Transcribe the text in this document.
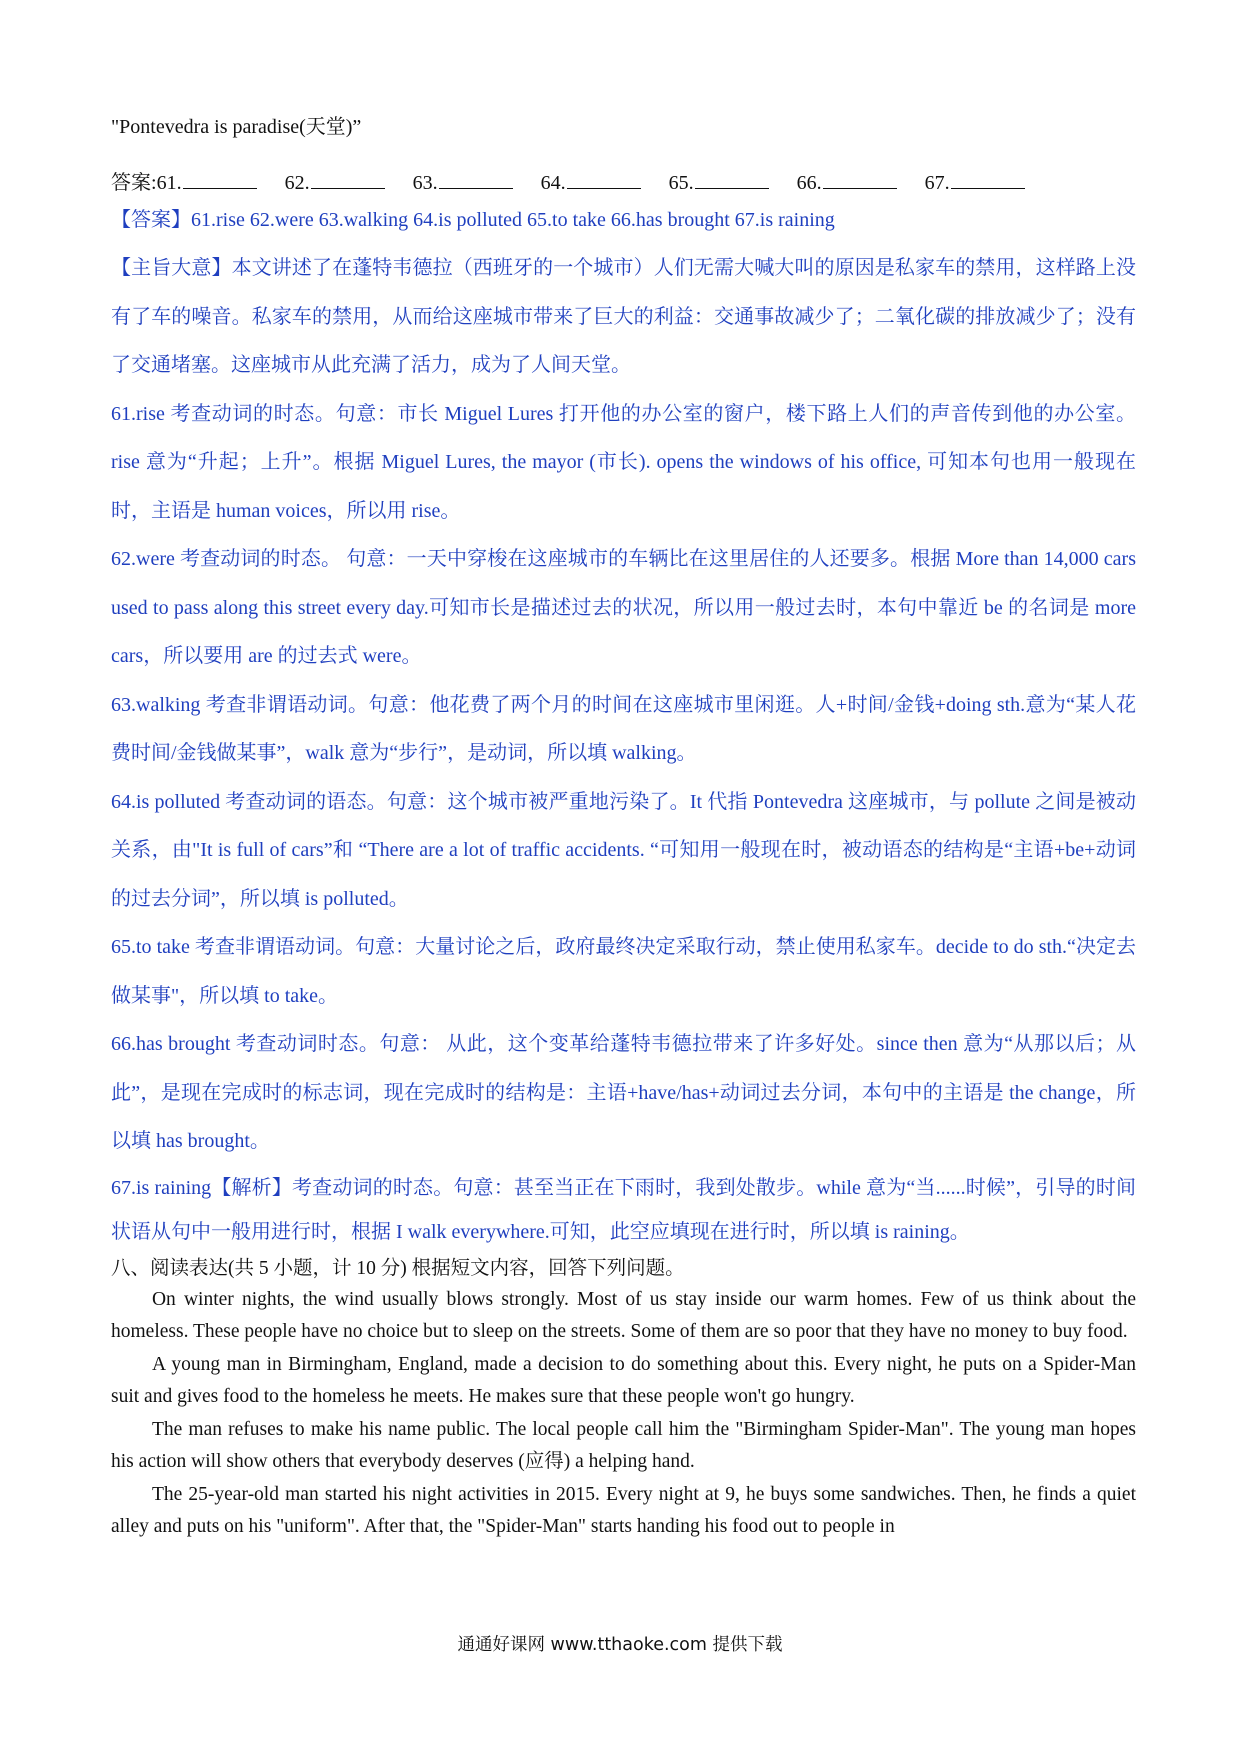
"Pontevedra is paradise(天堂)”

答案: 61.	62.	63.	64.	65.	66.	67.

【答案】61.rise 62.were 63.walking 64.is polluted 65.to take 66.has brought 67.is raining

【主旨大意】本文讲述了在蓬特韦德拉（西班牙的一个城市）人们无需大喊大叫的原因是私家车的禁用，这样路上没有了车的噪音。私家车的禁用，从而给这座城市带来了巨大的利益：交通事故减少了；二氧化碳的排放减少了；没有了交通堵塞。这座城市从此充满了活力，成为了人间天堂。

61.rise 考查动词的时态。句意：市长 Miguel Lures 打开他的办公室的窗户，楼下路上人们的声音传到他的办公室。rise 意为“升起；上升”。根据 Miguel Lures, the mayor (市长). opens the windows of his office, 可知本句也用一般现在时，主语是 human voices，所以用 rise。

62.were 考查动词的时态。 句意：一天中穿梭在这座城市的车辆比在这里居住的人还要多。根据 More than 14,000 cars used to pass along this street every day.可知市长是描述过去的状况，所以用一般过去时，本句中靠近 be 的名词是 more cars，所以要用 are 的过去式 were。

63.walking 考查非谓语动词。句意：他花费了两个月的时间在这座城市里闲逛。人+时间/金钱+doing sth.意为“某人花费时间/金钱做某事”，walk 意为“步行”，是动词，所以填 walking。

64.is polluted 考查动词的语态。句意：这个城市被严重地污染了。It 代指 Pontevedra 这座城市，与 pollute 之间是被动关系，由"It is full of cars”和 “There are a lot of traffic accidents. “可知用一般现在时，被动语态的结构是“主语+be+动词的过去分词”，所以填 is polluted。

65.to take 考查非谓语动词。句意：大量讨论之后，政府最终决定采取行动，禁止使用私家车。decide to do sth.“决定去做某事"，所以填 to take。

66.has brought 考查动词时态。句意： 从此，这个变革给蓬特韦德拉带来了许多好处。since then 意为“从那以后；从此”，是现在完成时的标志词，现在完成时的结构是：主语+have/has+动词过去分词，本句中的主语是 the change，所以填 has brought。

67.is raining【解析】考查动词的时态。句意：甚至当正在下雨时，我到处散步。while 意为“当......时候”，引导的时间状语从句中一般用进行时，根据 I walk everywhere.可知，此空应填现在进行时，所以填 is raining。

八、阅读表达(共 5 小题，计 10 分) 根据短文内容，回答下列问题。

On winter nights, the wind usually blows strongly. Most of us stay inside our warm homes. Few of us think about the homeless. These people have no choice but to sleep on the streets. Some of them are so poor that they have no money to buy food.

A young man in Birmingham, England, made a decision to do something about this. Every night, he puts on a Spider-Man suit and gives food to the homeless he meets. He makes sure that these people won't go hungry.

The man refuses to make his name public. The local people call him the "Birmingham Spider-Man". The young man hopes his action will show others that everybody deserves (应得) a helping hand.

The 25-year-old man started his night activities in 2015. Every night at 9, he buys some sandwiches. Then, he finds a quiet alley and puts on his "uniform". After that, the "Spider-Man" starts handing his food out to people in

通通好课网 www.tthaoke.com 提供下载
